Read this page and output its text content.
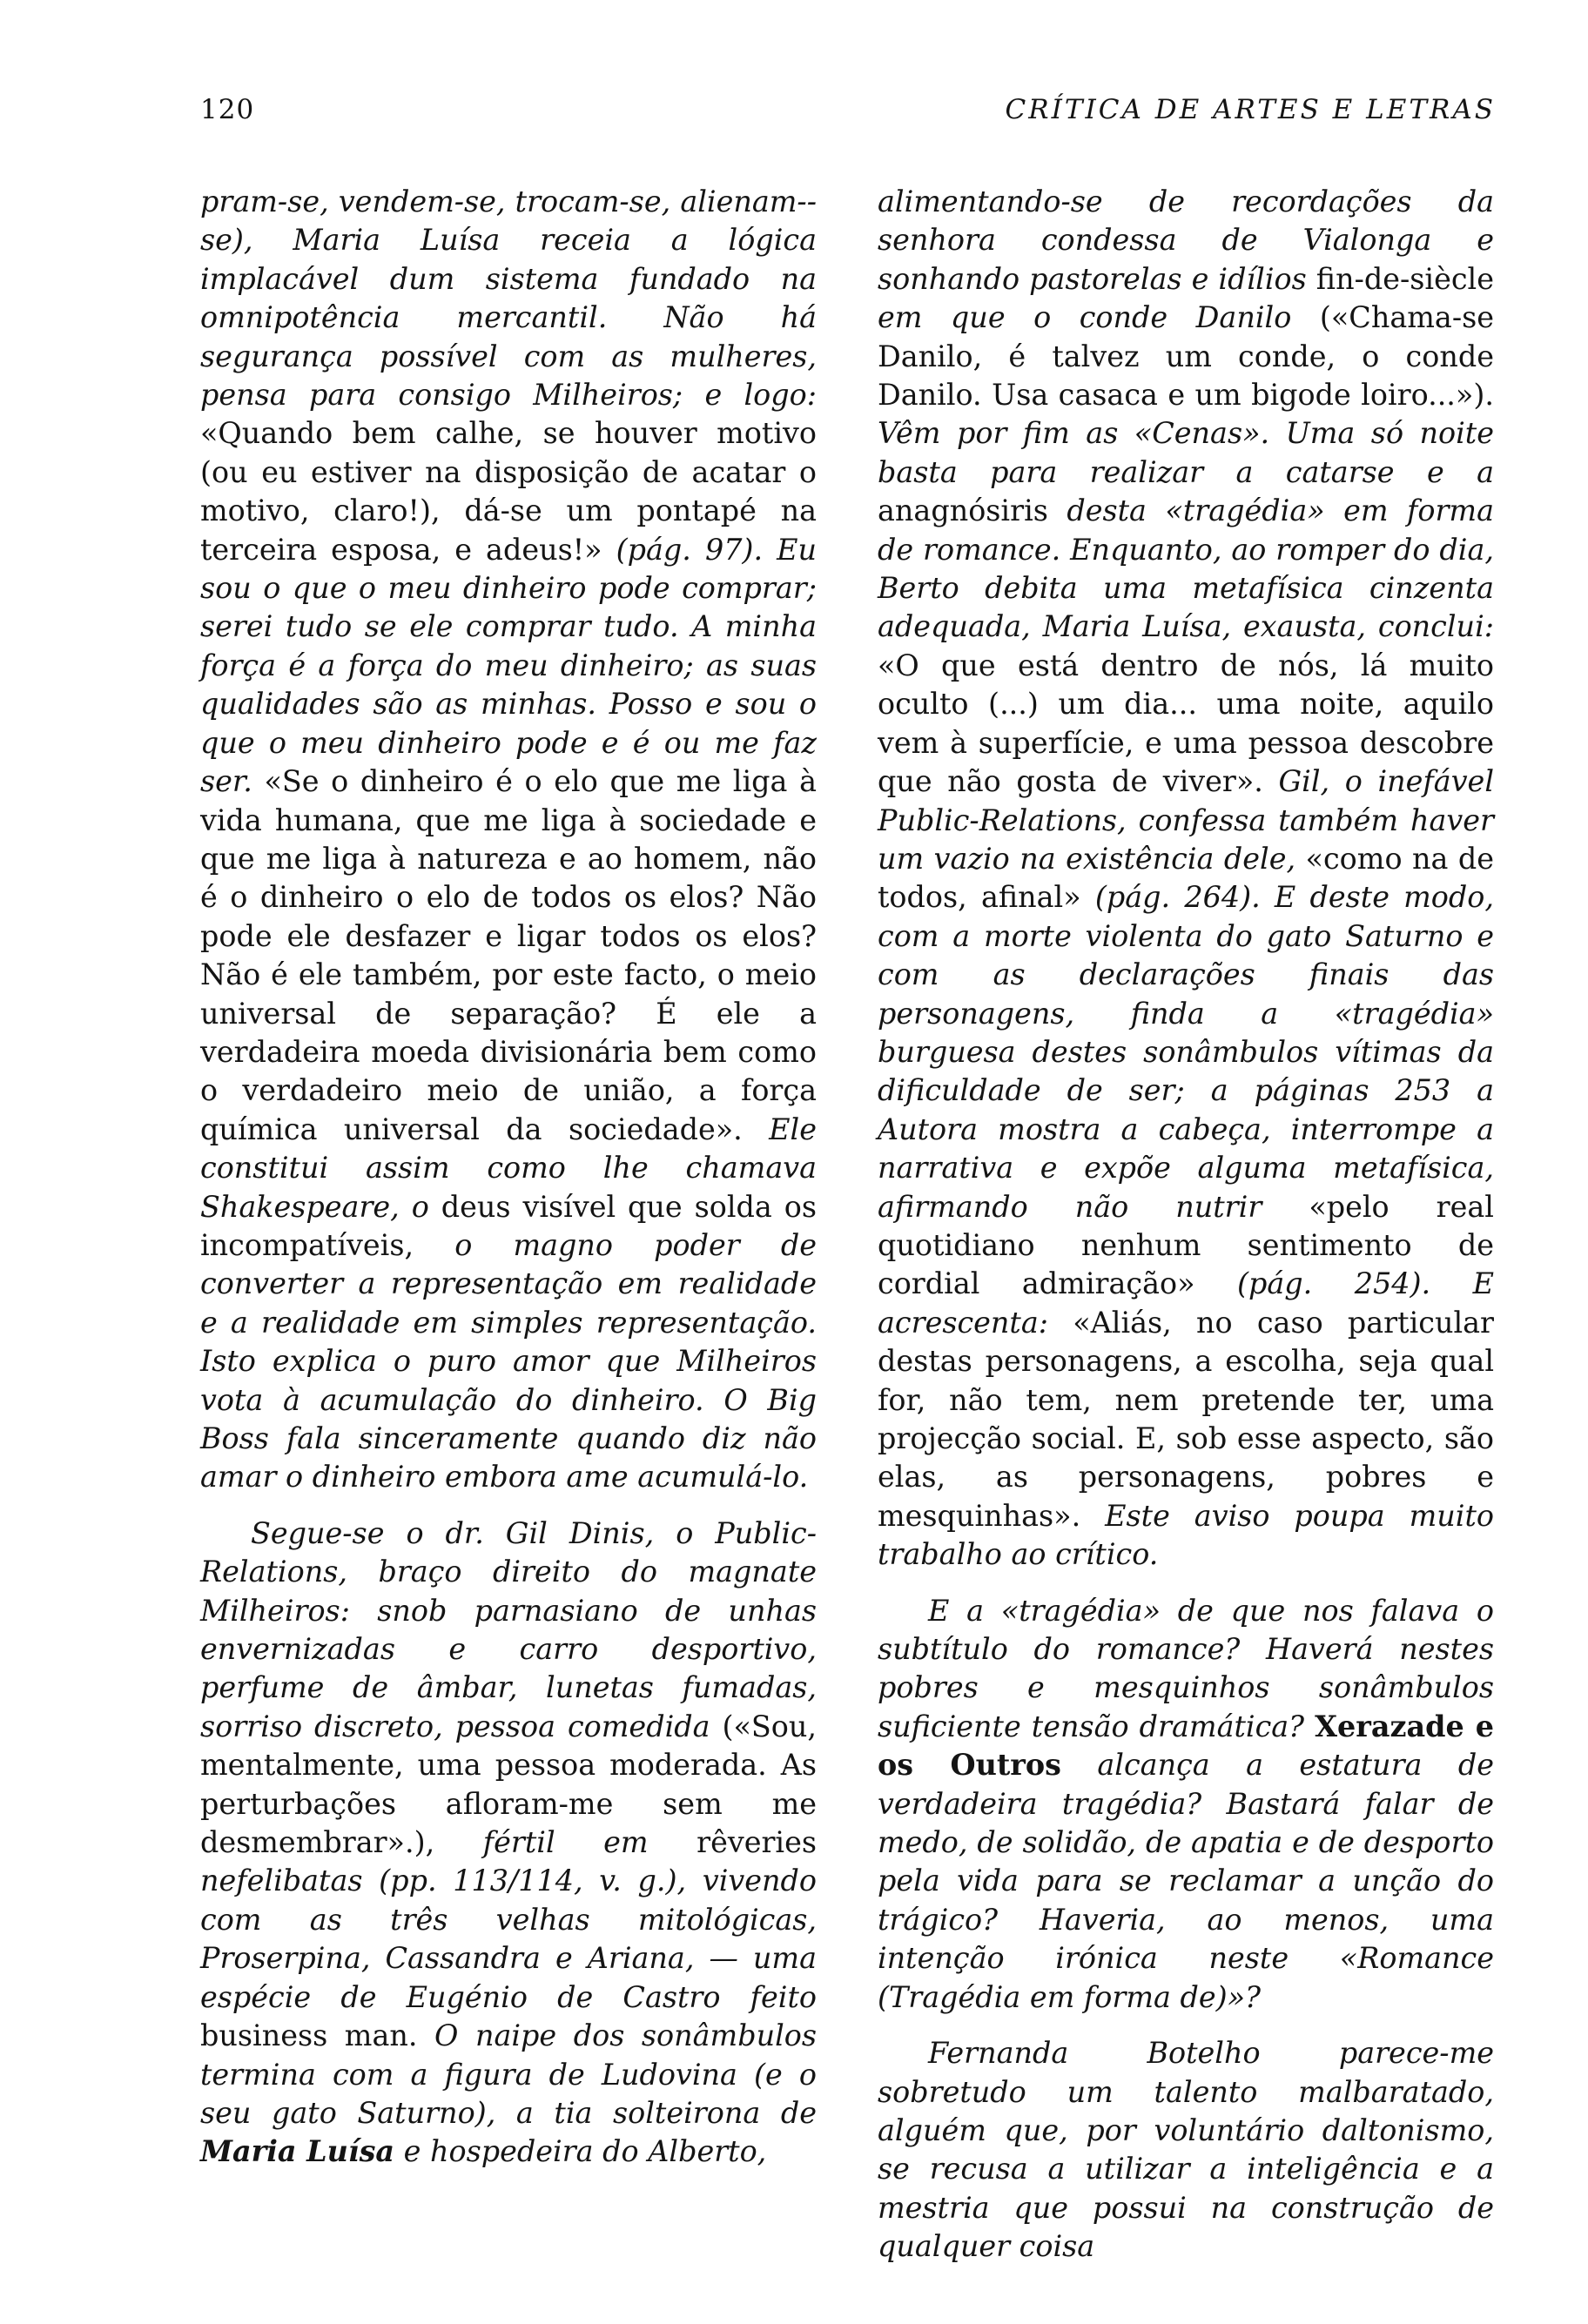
120	CRÍTICA DE ARTES E LETRAS

pram-se, vendem-se, trocam-se, alienam--se), Maria Luísa receia a lógica implacável dum sistema fundado na omnipotência mercantil. Não há segurança possível com as mulheres, pensa para consigo Milheiros; e logo: «Quando bem calhe, se houver motivo (ou eu estiver na disposição de acatar o motivo, claro!), dá-se um pontapé na terceira esposa, e adeus!» (pág. 97). Eu sou o que o meu dinheiro pode comprar; serei tudo se ele comprar tudo. A minha força é a força do meu dinheiro; as suas qualidades são as minhas. Posso e sou o que o meu dinheiro pode e é ou me faz ser. «Se o dinheiro é o elo que me liga à vida humana, que me liga à sociedade e que me liga à natureza e ao homem, não é o dinheiro o elo de todos os elos? Não pode ele desfazer e ligar todos os elos? Não é ele também, por este facto, o meio universal de separação? É ele a verdadeira moeda divisionária bem como o verdadeiro meio de união, a força química universal da sociedade». Ele constitui assim como lhe chamava Shakespeare, o deus visível que solda os incompatíveis, o magno poder de converter a representação em realidade e a realidade em simples representação. Isto explica o puro amor que Milheiros vota à acumulação do dinheiro. O Big Boss fala sinceramente quando diz não amar o dinheiro embora ame acumulá-lo.

Segue-se o dr. Gil Dinis, o Public-Relations, braço direito do magnate Milheiros: snob parnasiano de unhas envernizadas e carro desportivo, perfume de âmbar, lunetas fumadas, sorriso discreto, pessoa comedida («Sou, mentalmente, uma pessoa moderada. As perturbações afloram-me sem me desmembrar».), fértil em rêveries nefelibatas (pp. 113/114, v. g.), vivendo com as três velhas mitológicas, Proserpina, Cassandra e Ariana, — uma espécie de Eugénio de Castro feito business man. O naipe dos sonâmbulos termina com a figura de Ludovina (e o seu gato Saturno), a tia solteirona de Maria Luísa e hospedeira do Alberto,

alimentando-se de recordações da senhora condessa de Vialonga e sonhando pastorelas e idílios fin-de-siècle em que o conde Danilo («Chama-se Danilo, é talvez um conde, o conde Danilo. Usa casaca e um bigode loiro...»). Vêm por fim as «Cenas». Uma só noite basta para realizar a catarse e a anagnósiris desta «tragédia» em forma de romance. Enquanto, ao romper do dia, Berto debita uma metafísica cinzenta adequada, Maria Luísa, exausta, conclui: «O que está dentro de nós, lá muito oculto (...) um dia... uma noite, aquilo vem à superfície, e uma pessoa descobre que não gosta de viver». Gil, o inefável Public-Relations, confessa também haver um vazio na existência dele, «como na de todos, afinal» (pág. 264). E deste modo, com a morte violenta do gato Saturno e com as declarações finais das personagens, finda a «tragédia» burguesa destes sonâmbulos vítimas da dificuldade de ser; a páginas 253 a Autora mostra a cabeça, interrompe a narrativa e expõe alguma metafísica, afirmando não nutrir «pelo real quotidiano nenhum sentimento de cordial admiração» (pág. 254). E acrescenta: «Aliás, no caso particular destas personagens, a escolha, seja qual for, não tem, nem pretende ter, uma projecção social. E, sob esse aspecto, são elas, as personagens, pobres e mesquinhas». Este aviso poupa muito trabalho ao crítico.

E a «tragédia» de que nos falava o subtítulo do romance? Haverá nestes pobres e mesquinhos sonâmbulos suficiente tensão dramática? Xerazade e os Outros alcança a estatura de verdadeira tragédia? Bastará falar de medo, de solidão, de apatia e de desporto pela vida para se reclamar a unção do trágico? Haveria, ao menos, uma intenção irónica neste «Romance (Tragédia em forma de)»?

Fernanda Botelho parece-me sobretudo um talento malbaratado, alguém que, por voluntário daltonismo, se recusa a utilizar a inteligência e a mestria que possui na construção de qualquer coisa
